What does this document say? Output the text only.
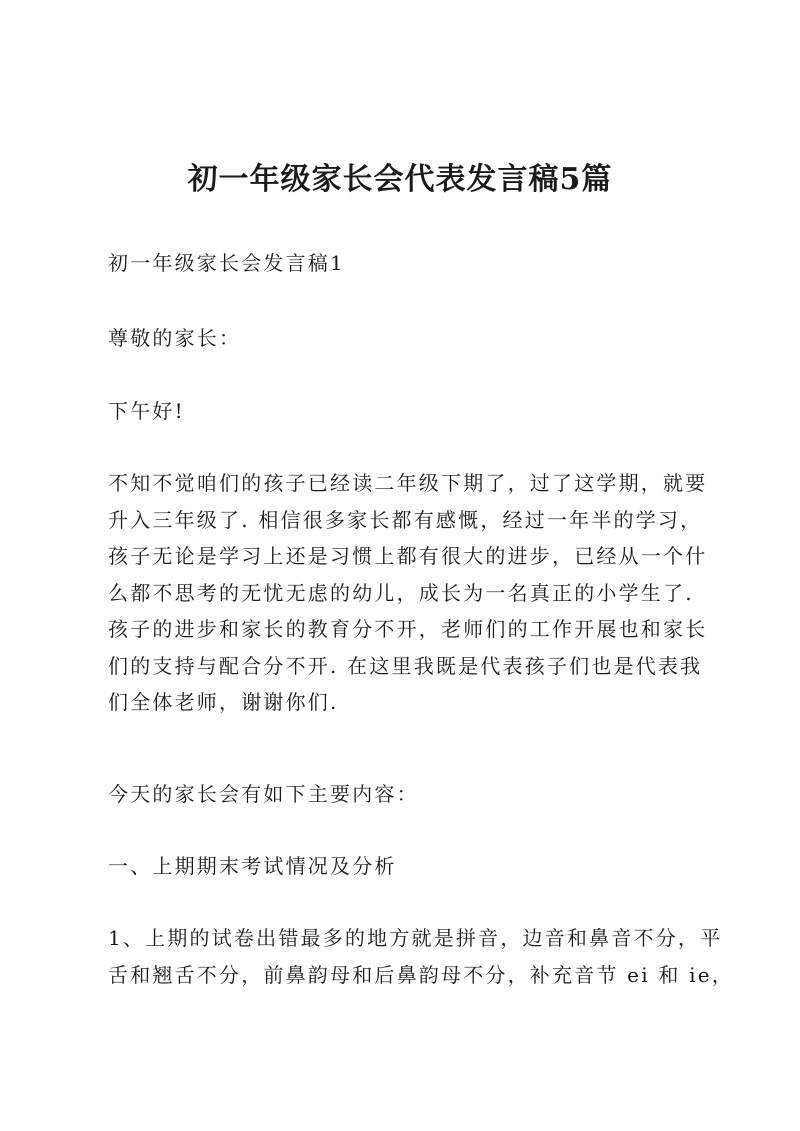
初一年级家长会代表发言稿5篇

初一年级家长会发言稿1

尊敬的家长：

下午好!

不知不觉咱们的孩子已经读二年级下期了，过了这学期，就要
升入三年级了. 相信很多家长都有感慨，经过一年半的学习，
孩子无论是学习上还是习惯上都有很大的进步，已经从一个什
么都不思考的无忧无虑的幼儿，成长为一名真正的小学生了.
孩子的进步和家长的教育分不开，老师们的工作开展也和家长
们的支持与配合分不开. 在这里我既是代表孩子们也是代表我
们全体老师，谢谢你们.

今天的家长会有如下主要内容：

一、上期期末考试情况及分析

1、上期的试卷出错最多的地方就是拼音，边音和鼻音不分，平
舌和翘舌不分，前鼻韵母和后鼻韵母不分，补充音节 ei 和 ie，
